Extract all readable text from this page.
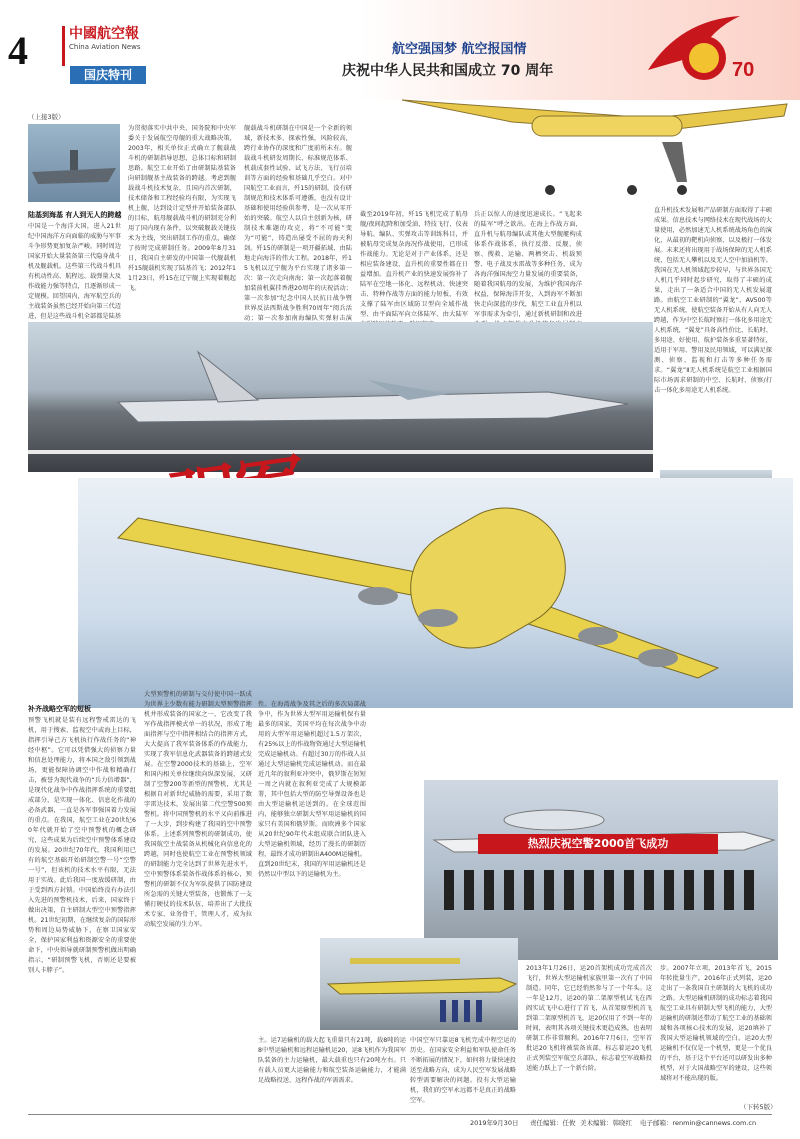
4	中國航空報
China Aviation News
国庆特刊
航空强国梦 航空报国情
庆祝中华人民共和国成立 70 周年	70
（上接3版）
陆基到海基 有人到无人的跨越
中国是一个海洋大国，进入21世纪中国海洋方向面临的威胁与军事斗争形势更加复杂严峻。同时周边国家开始大量装备第三代隐身战斗机及舰载机。这些第三代战斗机具有机动性高、航程远、载弹量大及作战能力强等特点，且逐渐形成一定规模。回望国内，海军航空兵的主战装备虽然已经开始向第三代迈进，但是这些战斗机全部都是陆基
为贯彻落实中共中央、国务院和中央军委关于发展航空母舰的重大战略决策，2003年，相关单位正式确立了舰载战斗机的研制指导思想，总体目标和研制思路。航空工业开始了由研制陆基装备向研制舰基主战装备的跨越。考虑到舰载战斗机技术复杂，且国内首次研制，技术储备和工程经验均有限，为实现飞机上舰，达到设计定型并开始装备部队的目标，航母舰载战斗机的研制充分利用了国内现有条件，以突破舰载关键技术为主线，突出研制工作的重点，确保了按时完成研制任务。2009年8月31日，我国自主研发的中国第一代舰载机歼15舰载机实现了陆基首飞；2012年11月23日，歼15在辽宁舰上实现着舰起飞。
舰载战斗机研制在中国是一个全新的领域，新技术多、探索性强，风险较高，跨行业协作的深度和广度前所未有。舰载战斗机研发周期长、标准规范体系、机载成套性试验、试飞方法、飞行员培训等方面的经验和基础几乎空白。对中国航空工业而言，歼15的研制，没有研制规范和技术体系可遵循，也没有设计基础和使用经验供参考，是一次从零开始的突破。航空人以自主创新为核，研制技术难题的攻克，将“不可能”变为“可能”，铸造出屡受不屈的海天利剑。歼15的研制是一项开疆拓域、由陆地走向海洋的伟大工程。2018年，歼15飞机以辽宁舰为平台实现了诸多第一次：第一次走向南海；第一次起落着舰加装前机翼挂香港20周年的庆祝活动；第一次参加“纪念中国人民抗日战争暨世界反法西斯战争胜利70周年”阅兵活动；第一次参加南海编队实弹射击演
截至2019年初，歼15飞机完成了航母舰/夜间起降和加受油、特技飞行、仪表导航、编队、实弹攻击等训练科目，并被航母完成复杂海况作战使用，已形成作战能力。无论是对于产业体系，还是相应装备建设，直升机的重要性都在日益增加。直升机产业的快速发展弥补了陆军在空地一体化、远程机动、快速突击、特种作战等方面的能力短板，有效支撑了陆军由区域防卫型向全域作战型、由平面陆军向立体陆军、由大陆军
兵正以惊人的速度迅速成长。“飞起来的陆军”呼之欲出。在海上作战方面，直升机与航母编队或其他大型舰艇构成体系作战体系，执行反潜、反舰、侦察、搜救、运输、两栖突击、机载预警、电子战及水雷战等多种任务，成为各海洋强国海空力量发展的重要装备，随着我国航母的发展，为维护我国海洋权益，保障海洋开发，入到海军不断加快走向深蓝的步伐，航空工业直升机以军事需求为牵引，通过新机研制和改进
直升机技术发展和产品研制方面取得了丰硕成果。信息技术与网络技术在现代战场的大量使用，必然加速无人机系统战场角色的演化，从最初的靶机向侦察、以及极打一体发展。未来还将出现用于战场保障的无人机系统，包括无人攀机以及无人空中加油机等。我国在无人机领域起步较早，与世界各国无人机几乎同时起步研究，取得了丰硕的成果，走出了一条适合中国的无人机发展道路。由航空工业研制的“翼龙”、AV500等无人机系统，使航空装备开始从有人向无人跨越，作为中空长航时察打一体化多用途无人机系统，“翼龙”具备高性价比、长航时、多用途、好使用、航护装备多重显著特征，适用于军用、警用及民用领域，可以满足探测、侦察、监视和打击等多种任务需求。“翼龙”Ⅱ无人机系统是航空工业根据国际市场需求研制的中空、长航时、侦察/打击一体化多用途无人机系统。
补齐战略空军的短板
预警飞机就是装有远程警戒雷达的飞机，用于搜索、监视空中或海上目标，指挥引导己方飞机执行作战任务的“神经中枢”。它可以凭借强大的侦察力量和信息处理能力，将本国之敌引领到战场，更能保障协调空中作战和精确打击，被誉为现代战争的“兵力倍增器”，是现代化战争中作战指挥系统的重要组成部分，是实现一体化、信息化作战的必备武器，一直是各军事强国着力发展的重点。在我国，航空工业在20世纪60年代就开始了空中预警机的概念研究，这些成果为后续空中预警体系建设的发展。20世纪70年代，我国利用已有的航空基础开始研制空警一号“空警一号”，但该机的技术水平有限，无法用于实战。此后我国一度放缓研制，由于受到西方封锁。中国始终没有办法引入先进的预警机技术，后来，国家终于做出决策，自主研制大型空中预警指挥机。21世纪初期，在继续复杂的国际形势和周边局势威胁下，在察卫国家安全，保护国家利益和资源安全的重要使命下，中央领导就研制预警机做出明确指示，“研制预警飞机，否则还是要被别人卡脖子”。
大型预警机的研制与交付使中国一跃成为世界上少数有能力研制大型预警指挥机并形成装备的国家之一，它改变了我军作战指挥模式单一的状况，形成了地面指挥与空中指挥相结合的指挥方式，大大提高了我军装备体系的作战能力，实现了我军信息化武器装备的跨越式发展。在空警2000技术的基础上，空军和国内相关单位继续向纵深发展，又研制了空警200等新型的预警机，尤其是根据自对新世纪威胁的需要，采用了数字雷达技术，发展出第二代空警500预警机。将中国预警机的水平又向前推进了一大步，到步构建了我国的空中预警体系。上述系列预警机的研制成功，使我国航空主战装备从机械化向信息化的跨越，同时也使航空工业在预警机领域的研制能力完全达到了世界先进水平，空中预警体系装备作战体系的核心，预警机的研制不仅为军队提供了国防建设所急需的关键大型装备，也锻炼了一支懂打硬仗的技术队伍，培养出了大批技术专家、业务骨干，管理人才，成为拉动航空发展的生力军。
性。在海湾战争及其之后的多次局部战争中，作为世界大型军用运输机保有量最多的国家，美国平均在每次战争中动用的大型军用运输机超过1.5万架次，有25%以上的作战物资通过大型运输机完成运输机动。有超过30万的作战人员通过大型运输机完成运输机动。而在最近几年的叙利亚冲突中，俄罗斯在短短一周之内就在叙利亚完成了大规模部署，其中包括大型的防空导弹设备也是由大型运输机运送到的。在全球范围内，能够独立研制大型军用运输机的国家只有美国和俄罗斯。而欧洲多个国家从20世纪90年代末组成联合团队进入大型运输机领域，经历了漫长的研制历程，最终才成功研制出A400M运输机。直到20世纪末，我国的军用运输机还是仍然以中型以下的运输机为主。
热烈庆祝空警2000首飞成功
主。运7运输机的载大起飞重量只有21吨，载8吨的运8中型运输机和远程运输机运20，运8飞机作为我国军队装备的主力运输机，最大载重也只有20吨左右。只有载人员更大运输能力和航空装备运输能力，才能满足战略投送、远程作战的军需需求。
中国空军只靠运8飞机完成中程空运的历史。在国家安全利益和军队使命任务不断拓展的情况下，如何将力量快速投送至战略方向，成为人民空军发展战略转型需要解决的问题。投有大型运输机，我们的空军永远都不是真正的战略空军。
2013年1月26日，运20首架机成功完成首次飞行，世界大型运输机家族里第一次有了中国制造。同年，它已经悄然参与了一个年头。这一年是12月，运20的第二架原型机试飞在西阎实试飞中心进行了首飞，从首架原型机首飞到第二架原型机首飞，运20仅用了不到一年的时间，表明其各项关键技术更趋成熟，也表明研制工作非常顺利。2016年7月6日，空军首批运20飞机将被装备该部，标志着运20飞机正式列装空军航空兵部队，标志着空军战略投送能力跃上了一个新台阶。
步。2007年立项，2013年首飞，2015年转批量生产，2016年正式列装，运20走出了一条我国自主研制的大飞机的成功之路。大型运输机研制的成功标志着我国航空工业具有研制大型飞机的能力，大型运输机的研制还带动了航空工业的基础领域和各项核心技术的发展，运20填补了我国大型运输机领域的空白。运20大型运输机不仅仅是一个机型，更是一个优良的平台，基于这个平台还可以研发出多种机型，对于大国战略空军的建设，这些领域将对不能出现的版。
（下转5版）
2019年9月30日 责任编辑：任攸 美术编辑：韩晓红 电子邮箱：renmin@cannews.com.cn
